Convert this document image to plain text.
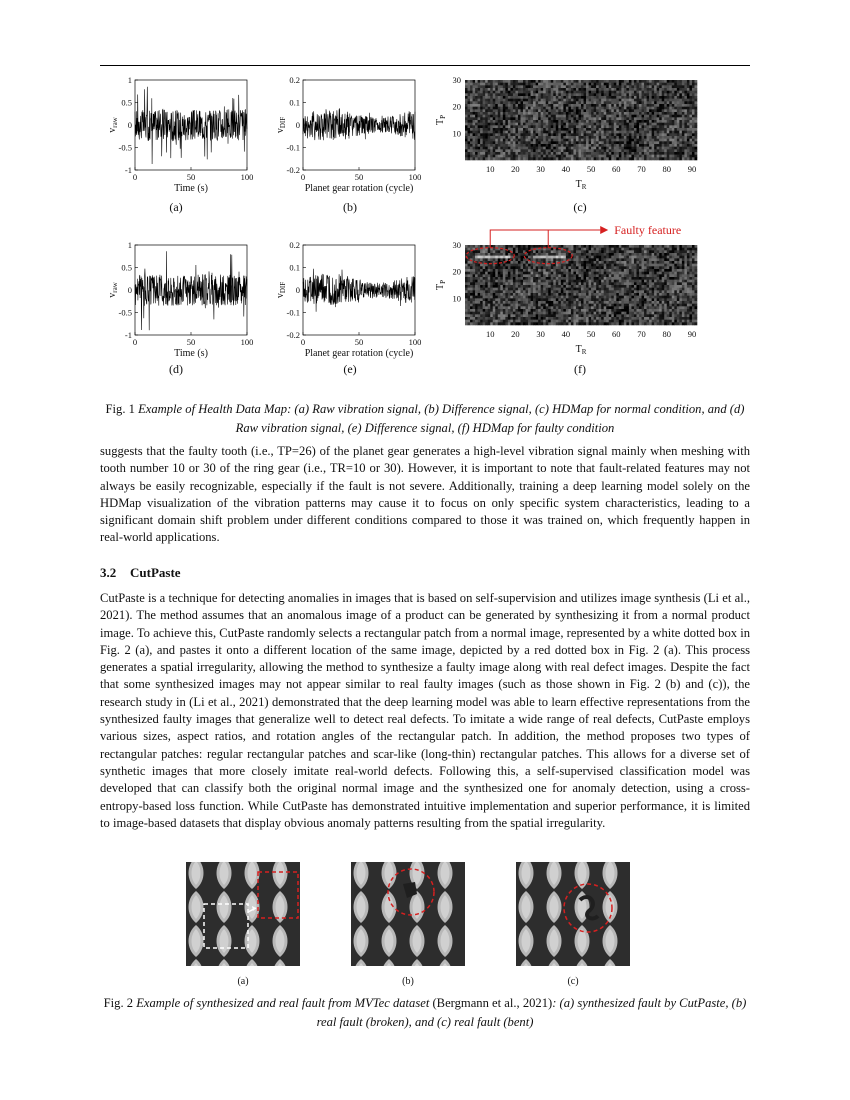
1
0.5
0
-0.5
-1
0	50	100
Time (s)
$v_{raw}$
0.2
0.1
0
-0.1
-0.2
0	50	100
Planet gear rotation (cycle)
$v_{DIF}$
30
20
10
10 20 30 40 50 60 70 80 90
$T_R$
$T_P$
(a)	(b)	(c)
1
0.5
0
-0.5
-1
0	50	100
Time (s)
$v_{raw}$
0.2
0.1
0
-0.1
-0.2
0	50	100
Planet gear rotation (cycle)
$v_{DIF}$
30
20
10
10 20 30 40 50 60 70 80 90
$T_R$
$T_P$
Faulty feature
(d)	(e)	(f)
Fig. 1 Example of Health Data Map: (a) Raw vibration signal, (b) Difference signal, (c) HDMap for normal condition, and (d) Raw vibration signal, (e) Difference signal, (f) HDMap for faulty condition

suggests that the faulty tooth (i.e., TP=26) of the planet gear generates a high-level vibration signal mainly when meshing with tooth number 10 or 30 of the ring gear (i.e., TR=10 or 30). However, it is important to note that fault-related features may not always be easily recognizable, especially if the fault is not severe. Additionally, training a deep learning model solely on the HDMap visualization of the vibration patterns may cause it to focus on only specific system characteristics, leading to a significant domain shift problem under different conditions compared to those it was trained on, which frequently happen in real-world applications.

3.2 CutPaste

CutPaste is a technique for detecting anomalies in images that is based on self-supervision and utilizes image synthesis (Li et al., 2021). The method assumes that an anomalous image of a product can be generated by synthesizing it from a normal product image. To achieve this, CutPaste randomly selects a rectangular patch from a normal image, represented by a white dotted box in Fig. 2 (a), and pastes it onto a different location of the same image, depicted by a red dotted box in Fig. 2 (a). This process generates a spatial irregularity, allowing the method to synthesize a faulty image along with real defect images. Despite the fact that some synthesized images may not appear similar to real faulty images (such as those shown in Fig. 2 (b) and (c)), the research study in (Li et al., 2021) demonstrated that the deep learning model was able to learn effective representations from the synthesized faulty images that generalize well to detect real defects. To imitate a wide range of real defects, CutPaste employs various sizes, aspect ratios, and rotation angles of the rectangular patch. In addition, the method proposes two types of rectangular patches: regular rectangular patches and scar-like (long-thin) rectangular patches. This allows for a diverse set of synthetic images that more closely imitate real-world defects. Following this, a self-supervised classification model was developed that can classify both the original normal image and the synthesized one for anomaly detection, using a cross-entropy-based loss function. While CutPaste has demonstrated intuitive implementation and superior performance, it is limited to image-based datasets that display obvious anomaly patterns resulting from the spatial irregularity.

(a)	(b)	(c)
Fig. 2 Example of synthesized and real fault from MVTec dataset (Bergmann et al., 2021): (a) synthesized fault by CutPaste, (b) real fault (broken), and (c) real fault (bent)
